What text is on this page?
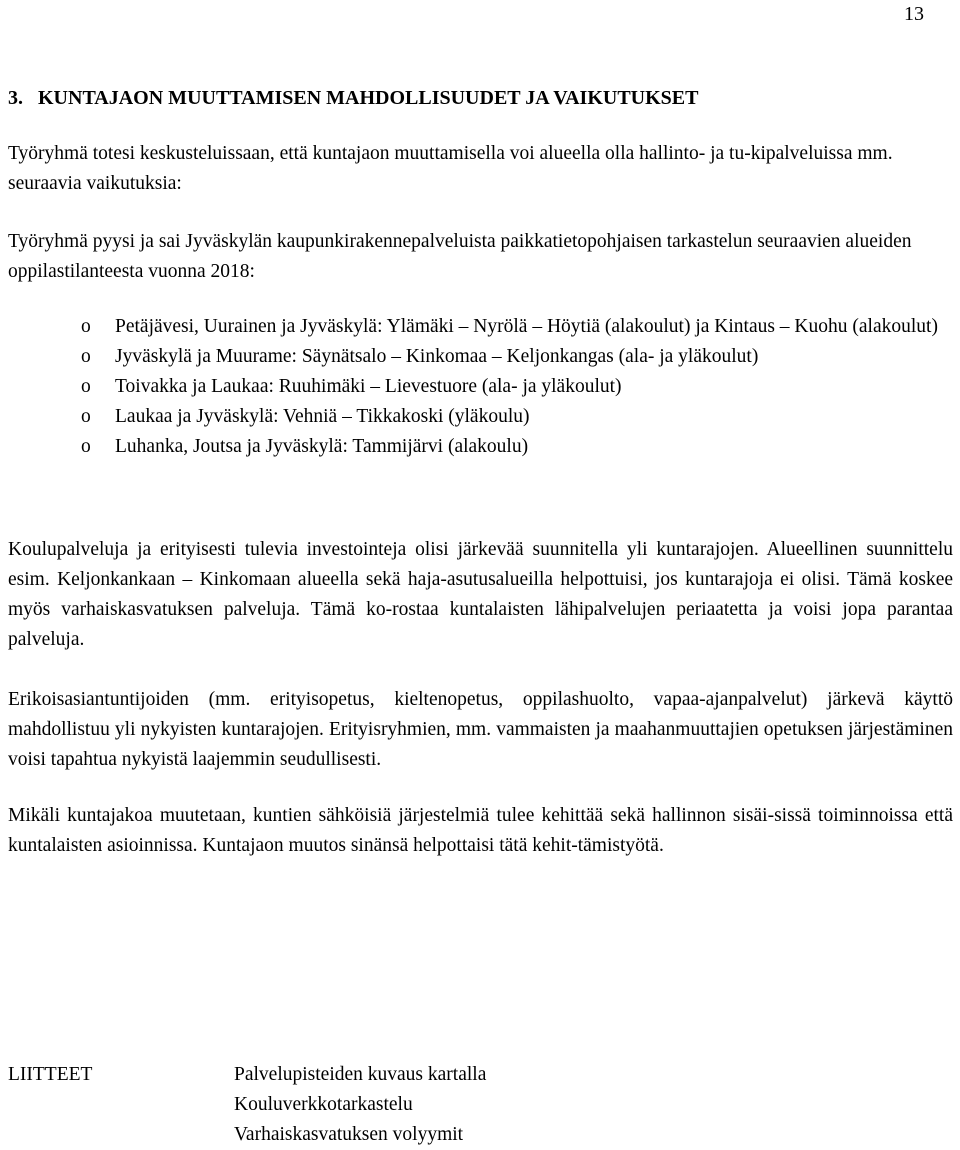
13
3. KUNTAJAON MUUTTAMISEN MAHDOLLISUUDET JA VAIKUTUKSET

Työryhmä totesi keskusteluissaan, että kuntajaon muuttamisella voi alueella olla hallinto- ja tu-kipalveluissa mm. seuraavia vaikutuksia:

Työryhmä pyysi ja sai Jyväskylän kaupunkirakennepalveluista paikkatietopohjaisen tarkastelun seuraavien alueiden oppilastilanteesta vuonna 2018:

o Petäjävesi, Uurainen ja Jyväskylä: Ylämäki – Nyrölä – Höytiä (alakoulut) ja Kintaus – Kuohu (alakoulut)
o Jyväskylä ja Muurame: Säynätsalo – Kinkomaa – Keljonkangas (ala- ja yläkoulut)
o Toivakka ja Laukaa: Ruuhimäki – Lievestuore (ala- ja yläkoulut)
o Laukaa ja Jyväskylä: Vehniä – Tikkakoski (yläkoulu)
o Luhanka, Joutsa ja Jyväskylä: Tammijärvi (alakoulu)

Koulupalveluja ja erityisesti tulevia investointeja olisi järkevää suunnitella yli kuntarajojen. Alueellinen suunnittelu esim. Keljonkankaan – Kinkomaan alueella sekä haja-asutusalueilla helpottuisi, jos kuntarajoja ei olisi. Tämä koskee myös varhaiskasvatuksen palveluja. Tämä ko-rostaa kuntalaisten lähipalvelujen periaatetta ja voisi jopa parantaa palveluja.

Erikoisasiantuntijoiden (mm. erityisopetus, kieltenopetus, oppilashuolto, vapaa-ajanpalvelut) järkevä käyttö mahdollistuu yli nykyisten kuntarajojen. Erityisryhmien, mm. vammaisten ja maahanmuuttajien opetuksen järjestäminen voisi tapahtua nykyistä laajemmin seudullisesti.

Mikäli kuntajakoa muutetaan, kuntien sähköisiä järjestelmiä tulee kehittää sekä hallinnon sisäi-sissä toiminnoissa että kuntalaisten asioinnissa. Kuntajaon muutos sinänsä helpottaisi tätä kehit-tämistyötä.

LIITTEET	Palvelupisteiden kuvaus kartalla
Kouluverkkotarkastelu
Varhaiskasvatuksen volyymit
